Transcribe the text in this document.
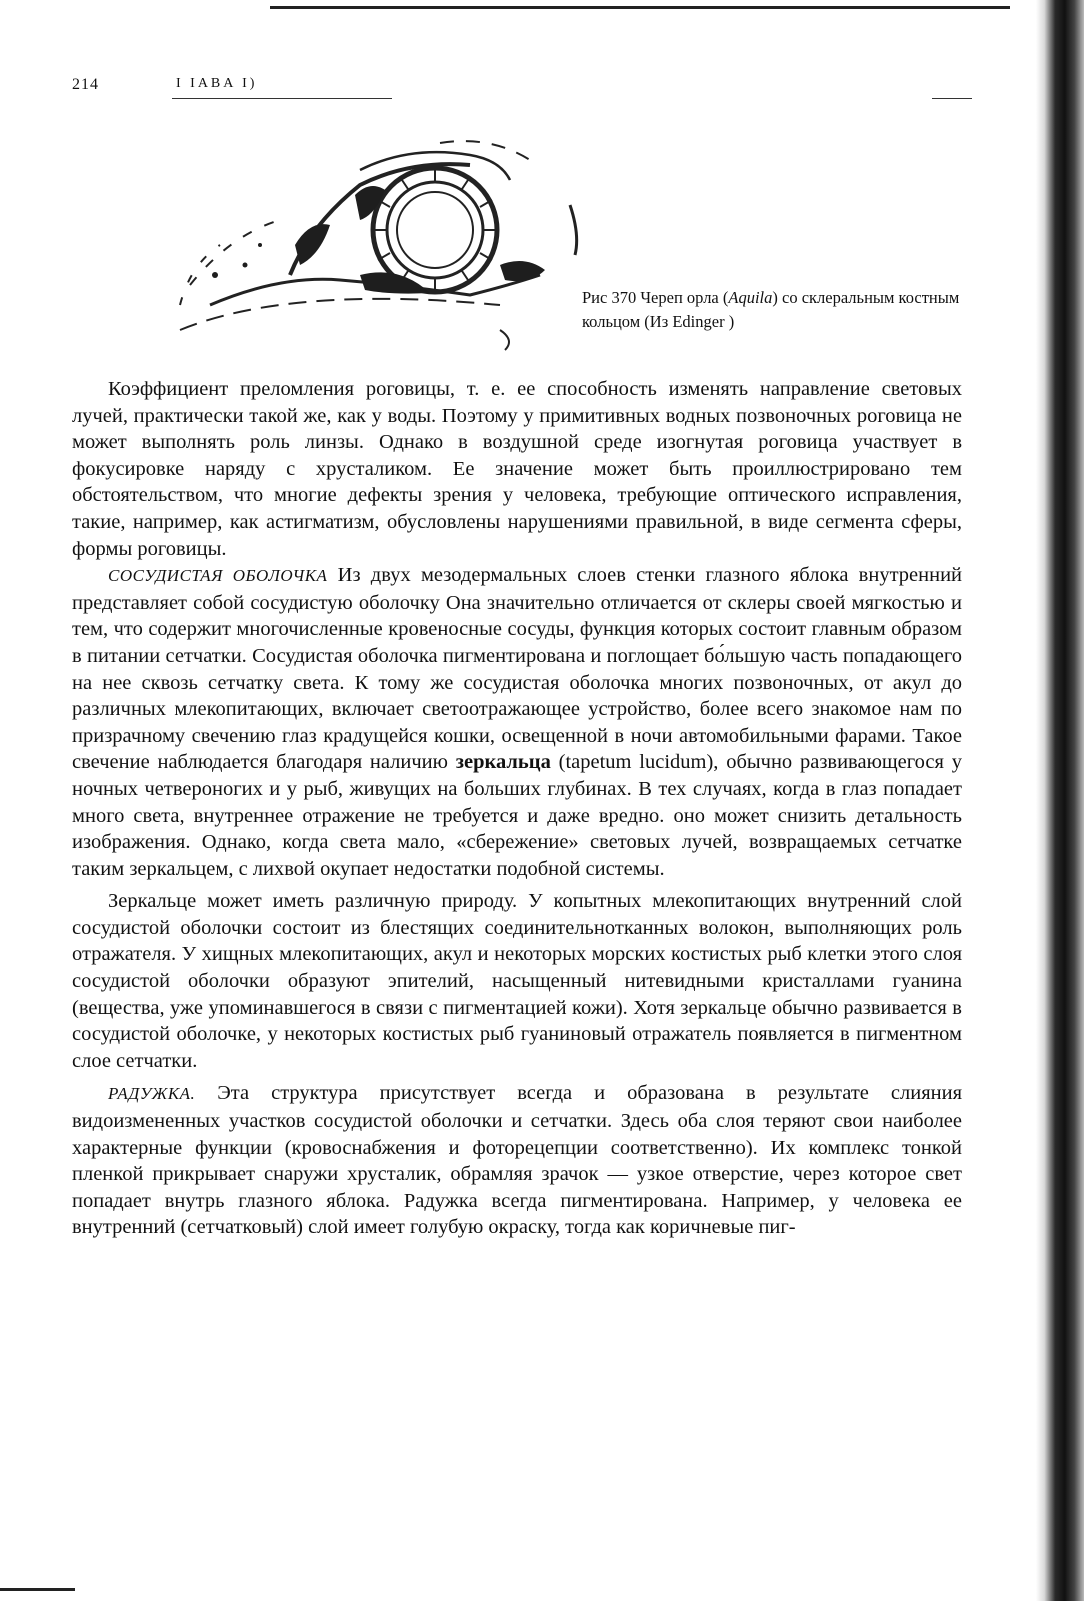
214	I IABA I)
Рис 370 Череп орла (Aquila) со склеральным костным кольцом (Из Edinger )

Коэффициент преломления роговицы, т. е. ее способность изменять направление световых лучей, практически такой же, как у воды. Поэтому у примитивных водных позвоночных роговица не может выполнять роль линзы. Однако в воздушной среде изогнутая роговица участвует в фокусировке наряду с хрусталиком. Ее значение может быть проиллюстрировано тем обстоятельством, что многие дефекты зрения у человека, требующие оптического исправления, такие, например, как астигматизм, обусловлены нарушениями правильной, в виде сегмента сферы, формы роговицы.

СОСУДИСТАЯ ОБОЛОЧКА Из двух мезодермальных слоев стенки глазного яблока внутренний представляет собой сосудистую оболочку Она значительно отличается от склеры своей мягкостью и тем, что содержит многочисленные кровеносные сосуды, функция которых состоит главным образом в питании сетчатки. Сосудистая оболочка пигментирована и поглощает бо́льшую часть попадающего на нее сквозь сетчатку света. К тому же сосудистая оболочка многих позвоночных, от акул до различных млекопитающих, включает светоотражающее устройство, более всего знакомое нам по призрачному свечению глаз крадущейся кошки, освещенной в ночи автомобильными фарами. Такое свечение наблюдается благодаря наличию зеркальца (tapetum lucidum), обычно развивающегося у ночных четвероногих и у рыб, живущих на больших глубинах. В тех случаях, когда в глаз попадает много света, внутреннее отражение не требуется и даже вредно. оно может снизить детальность изображения. Однако, когда света мало, «сбережение» световых лучей, возвращаемых сетчатке таким зеркальцем, с лихвой окупает недостатки подобной системы.

Зеркальце может иметь различную природу. У копытных млекопитающих внутренний слой сосудистой оболочки состоит из блестящих соединительнотканных волокон, выполняющих роль отражателя. У хищных млекопитающих, акул и некоторых морских костистых рыб клетки этого слоя сосудистой оболочки образуют эпителий, насыщенный нитевидными кристаллами гуанина (вещества, уже упоминавшегося в связи с пигментацией кожи). Хотя зеркальце обычно развивается в сосудистой оболочке, у некоторых костистых рыб гуаниновый отражатель появляется в пигментном слое сетчатки.

РАДУЖКА. Эта структура присутствует всегда и образована в результате слияния видоизмененных участков сосудистой оболочки и сетчатки. Здесь оба слоя теряют свои наиболее характерные функции (кровоснабжения и фоторецепции соответственно). Их комплекс тонкой пленкой прикрывает снаружи хрусталик, обрамляя зрачок — узкое отверстие, через которое свет попадает внутрь глазного яблока. Радужка всегда пигментирована. Например, у человека ее внутренний (сетчатковый) слой имеет голубую окраску, тогда как коричневые пиг-
